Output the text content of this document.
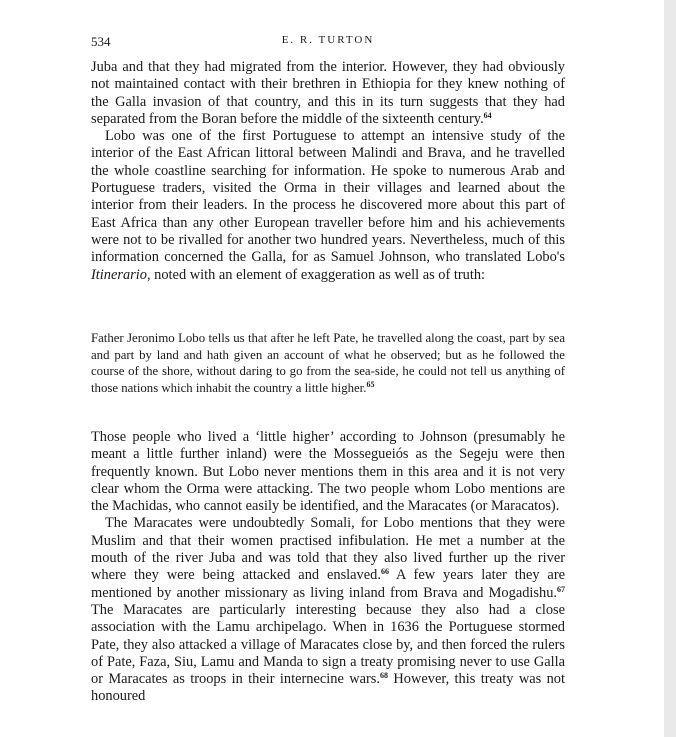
534	E. R. TURTON

Juba and that they had migrated from the interior. However, they had obviously not maintained contact with their brethren in Ethiopia for they knew nothing of the Galla invasion of that country, and this in its turn suggests that they had separated from the Boran before the middle of the sixteenth century.$^{64}$

Lobo was one of the first Portuguese to attempt an intensive study of the interior of the East African littoral between Malindi and Brava, and he travelled the whole coastline searching for information. He spoke to numerous Arab and Portuguese traders, visited the Orma in their villages and learned about the interior from their leaders. In the process he discovered more about this part of East Africa than any other European traveller before him and his achievements were not to be rivalled for another two hundred years. Nevertheless, much of this information concerned the Galla, for as Samuel Johnson, who translated Lobo's Itinerario, noted with an element of exaggeration as well as of truth:

Father Jeronimo Lobo tells us that after he left Pate, he travelled along the coast, part by sea and part by land and hath given an account of what he observed; but as he followed the course of the shore, without daring to go from the sea-side, he could not tell us anything of those nations which inhabit the country a little higher.$^{65}$

Those people who lived a ‘little higher’ according to Johnson (presumably he meant a little further inland) were the Mossegueiós as the Segeju were then frequently known. But Lobo never mentions them in this area and it is not very clear whom the Orma were attacking. The two people whom Lobo mentions are the Machidas, who cannot easily be identified, and the Maracates (or Maracatos).

The Maracates were undoubtedly Somali, for Lobo mentions that they were Muslim and that their women practised infibulation. He met a number at the mouth of the river Juba and was told that they also lived further up the river where they were being attacked and enslaved.$^{66}$ A few years later they are mentioned by another missionary as living inland from Brava and Mogadishu.$^{67}$ The Maracates are particularly interesting because they also had a close association with the Lamu archipelago. When in 1636 the Portuguese stormed Pate, they also attacked a village of Maracates close by, and then forced the rulers of Pate, Faza, Siu, Lamu and Manda to sign a treaty promising never to use Galla or Maracates as troops in their internecine wars.$^{68}$ However, this treaty was not honoured
